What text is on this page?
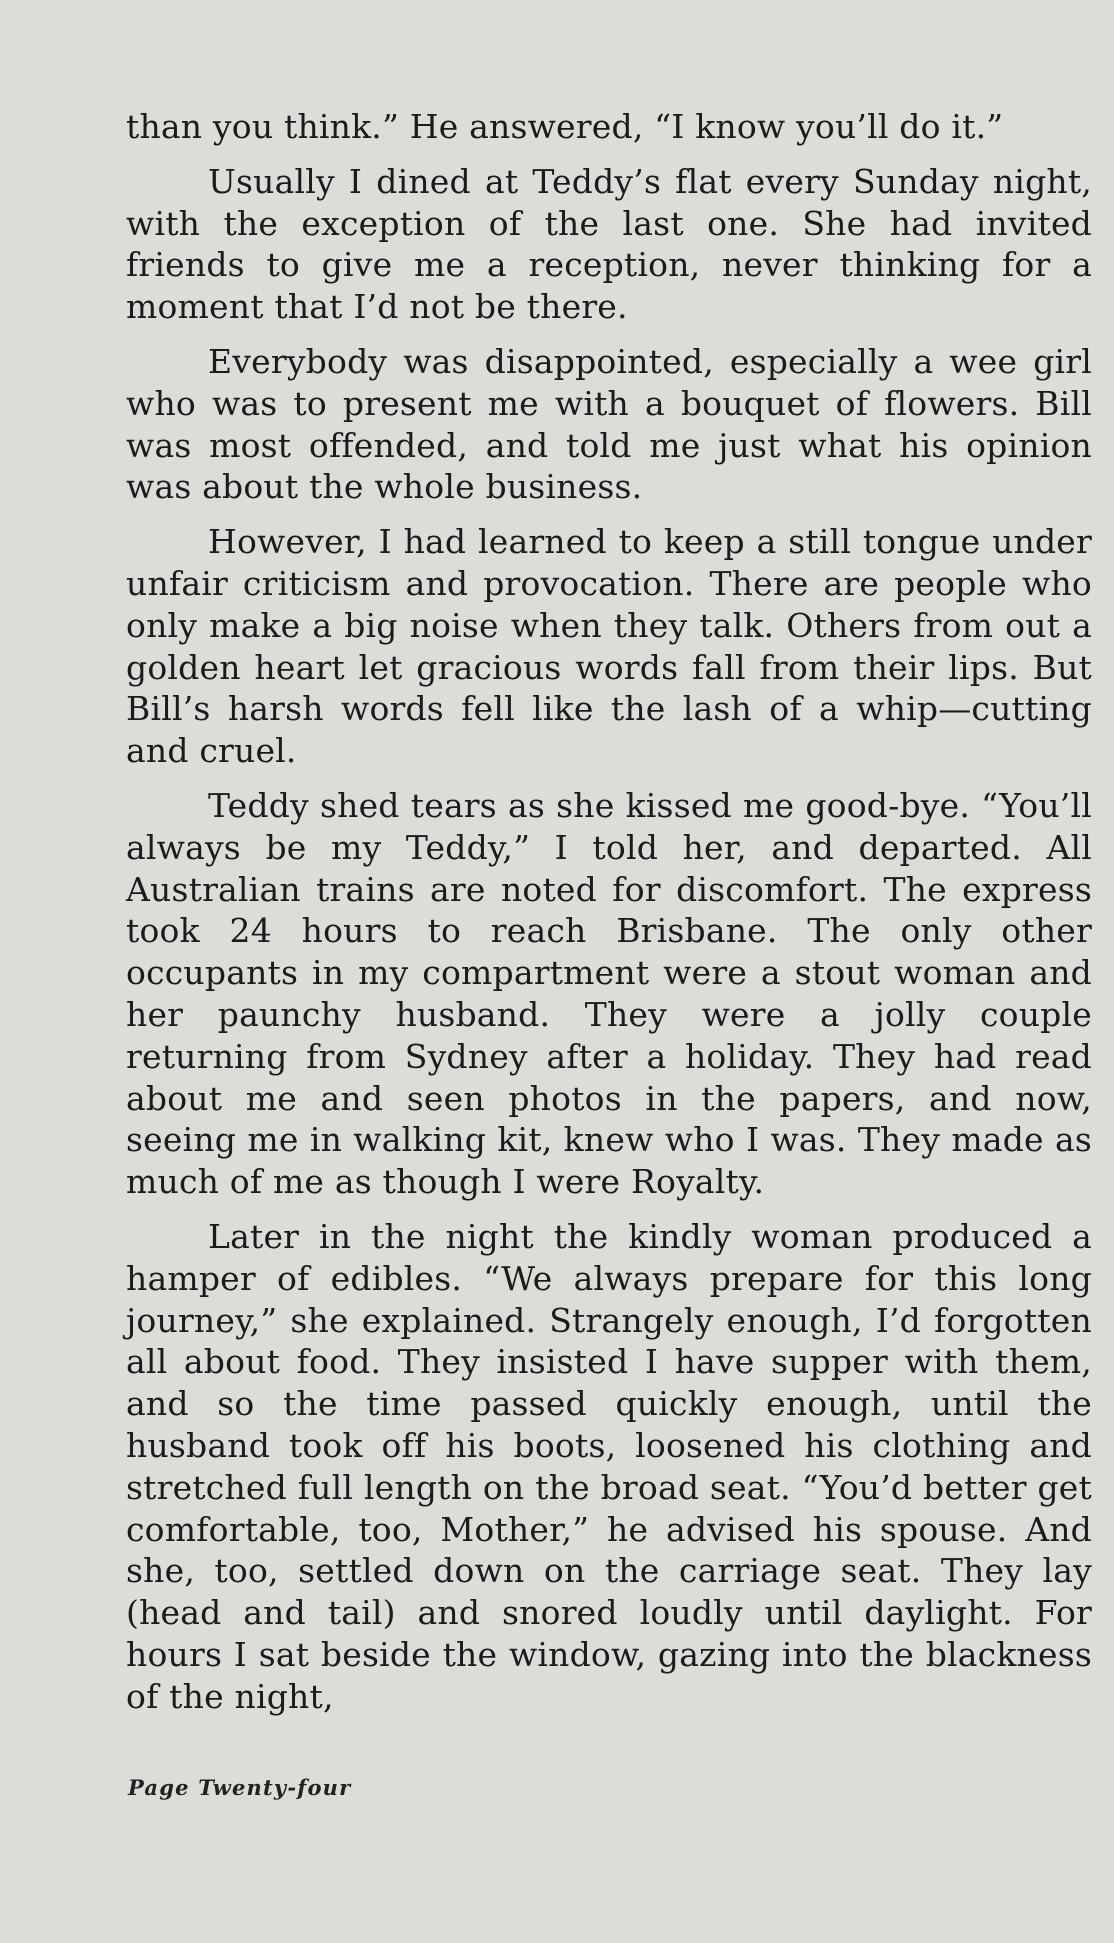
than you think.” He answered, “I know you’ll do it.”

Usually I dined at Teddy’s flat every Sunday night, with the exception of the last one. She had invited friends to give me a reception, never thinking for a moment that I’d not be there.

Everybody was disappointed, especially a wee girl who was to present me with a bouquet of flowers. Bill was most offended, and told me just what his opinion was about the whole business.

However, I had learned to keep a still tongue under unfair criticism and provocation. There are people who only make a big noise when they talk. Others from out a golden heart let gracious words fall from their lips. But Bill’s harsh words fell like the lash of a whip—cutting and cruel.

Teddy shed tears as she kissed me good-bye. “You’ll always be my Teddy,” I told her, and departed. All Australian trains are noted for discomfort. The express took 24 hours to reach Brisbane. The only other occupants in my compartment were a stout woman and her paunchy husband. They were a jolly couple returning from Sydney after a holiday. They had read about me and seen photos in the papers, and now, seeing me in walking kit, knew who I was. They made as much of me as though I were Royalty.

Later in the night the kindly woman produced a hamper of edibles. “We always prepare for this long journey,” she explained. Strangely enough, I’d forgotten all about food. They insisted I have supper with them, and so the time passed quickly enough, until the husband took off his boots, loosened his clothing and stretched full length on the broad seat. “You’d better get comfortable, too, Mother,” he advised his spouse. And she, too, settled down on the carriage seat. They lay (head and tail) and snored loudly until daylight. For hours I sat beside the window, gazing into the blackness of the night,

Page Twenty-four
